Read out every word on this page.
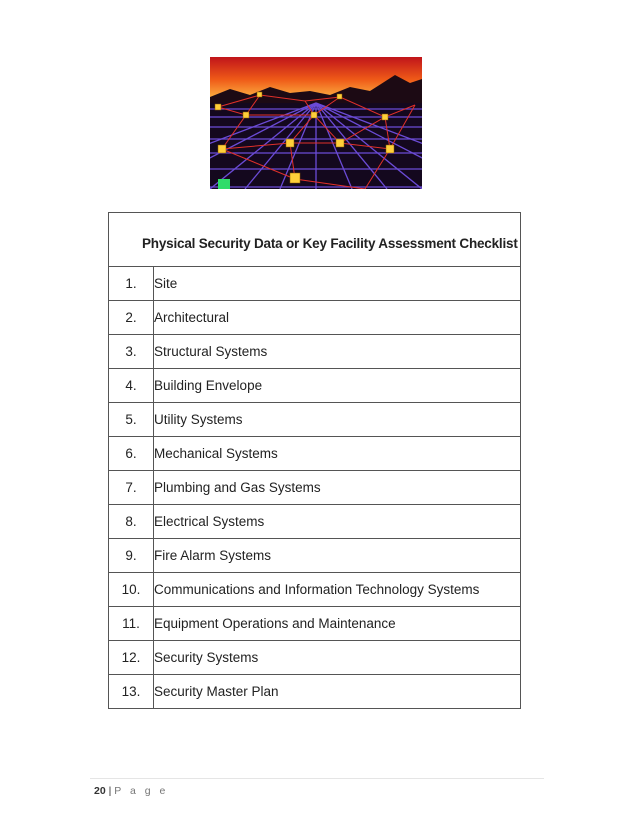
Physical Security Data or Key Facility Assessment Checklist	
1.	Site
2.	Architectural
3.	Structural Systems
4.	Building Envelope
5.	Utility Systems
6.	Mechanical Systems
7.	Plumbing and Gas Systems
8.	Electrical Systems
9.	Fire Alarm Systems
10.	Communications and Information Technology Systems
11.	Equipment Operations and Maintenance
12.	Security Systems
13.	Security Master Plan
20 | P a g e
